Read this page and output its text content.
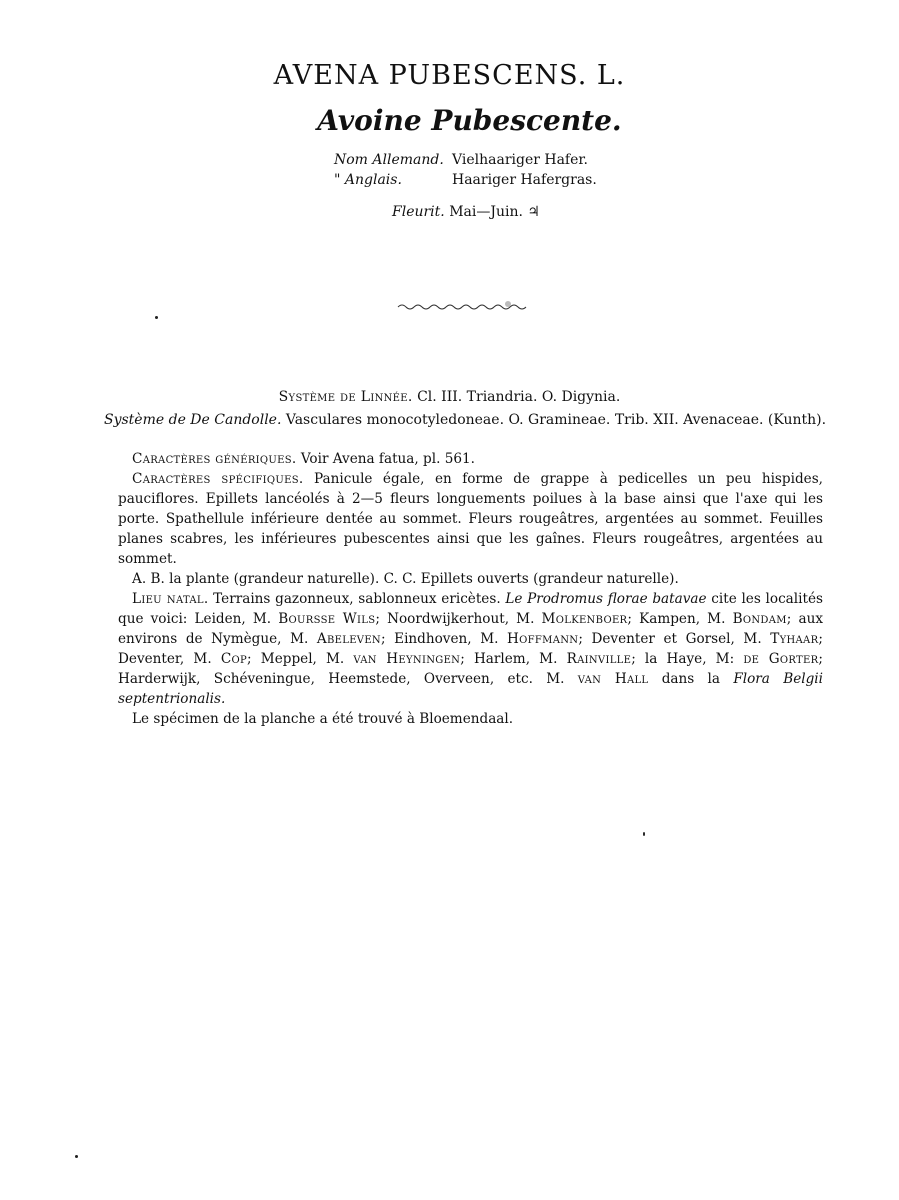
AVENA PUBESCENS. L.
Avoine Pubescente.
Nom Allemand. Vielhaariger Hafer.
" Anglais.	Haariger Hafergras.
Fleurit. Mai—Juin. ♃
Système de Linnée. Cl. III. Triandria. O. Digynia.
Système de De Candolle. Vasculares monocotyledoneae. O. Gramineae. Trib. XII. Avenaceae. (Kunth).

Caractères génériques. Voir Avena fatua, pl. 561.

Caractères spécifiques. Panicule égale, en forme de grappe à pedicelles un peu hispides, pauciflores. Epillets lancéolés à 2—5 fleurs longuements poilues à la base ainsi que l'axe qui les porte. Spathellule inférieure dentée au sommet. Fleurs rougeâtres, argentées au sommet. Feuilles planes scabres, les inférieures pubescentes ainsi que les gaînes. Fleurs rougeâtres, argentées au sommet.

A. B. la plante (grandeur naturelle). C. C. Epillets ouverts (grandeur naturelle).

Lieu natal. Terrains gazonneux, sablonneux ericètes. Le Prodromus florae batavae cite les localités que voici: Leiden, M. Boursse Wils; Noordwijkerhout, M. Molkenboer; Kampen, M. Bondam; aux environs de Nymègue, M. Abeleven; Eindhoven, M. Hoffmann; Deventer et Gorsel, M. Tyhaar; Deventer, M. Cop; Meppel, M. van Heyningen; Harlem, M. Rainville; la Haye, M: de Gorter; Harderwijk, Schéveningue, Heemstede, Overveen, etc. M. van Hall dans la Flora Belgii septentrionalis.

Le spécimen de la planche a été trouvé à Bloemendaal.
